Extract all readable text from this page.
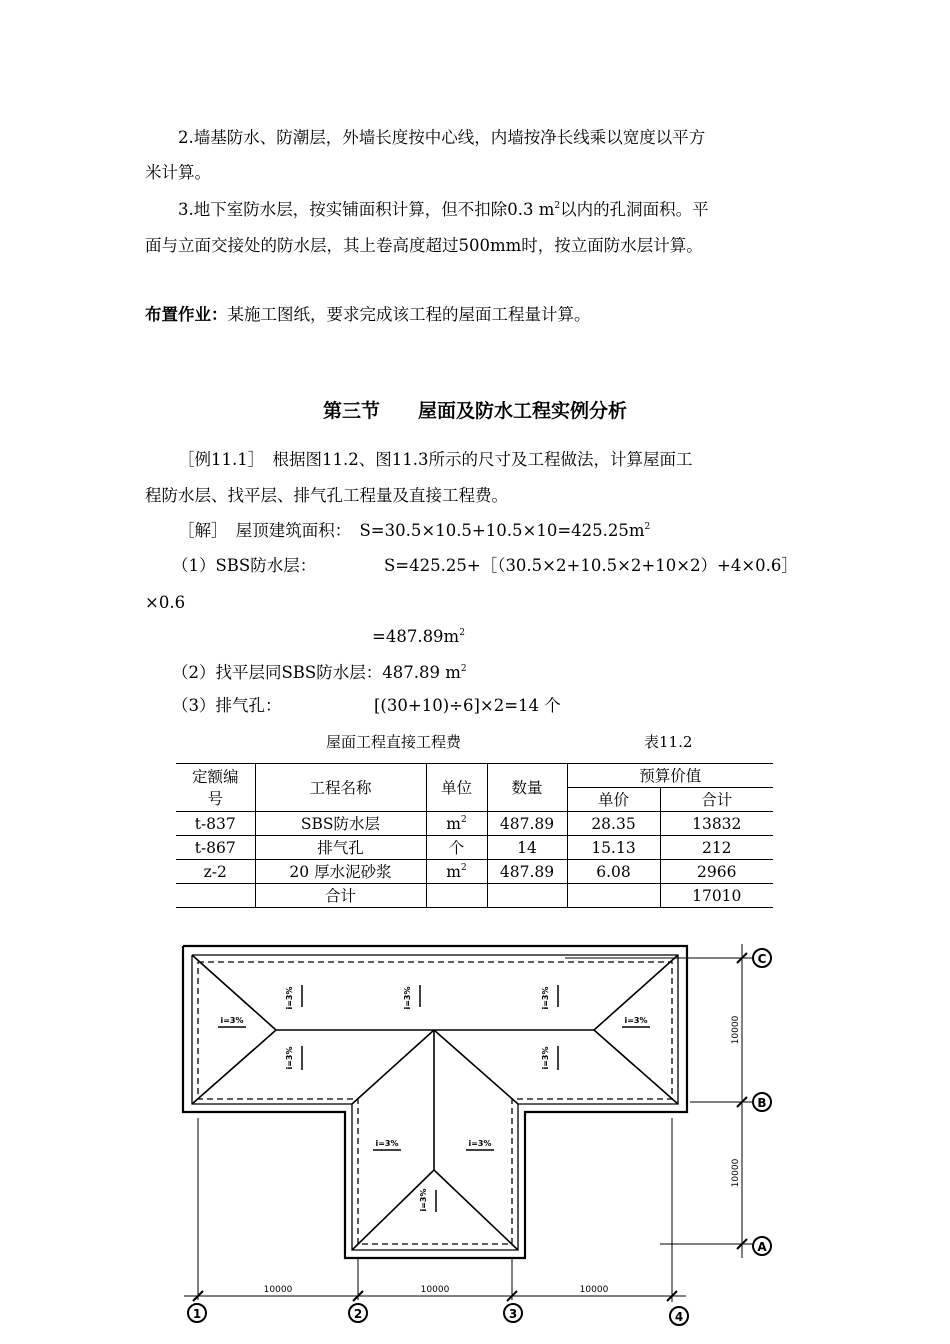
2.墙基防水、防潮层，外墙长度按中心线，内墙按净长线乘以宽度以平方
米计算。
3.地下室防水层，按实铺面积计算，但不扣除0.3 $m^2$以内的孔洞面积。平
面与立面交接处的防水层，其上卷高度超过500mm时，按立面防水层计算。
布置作业：某施工图纸，要求完成该工程的屋面工程量计算。
第三节　　屋面及防水工程实例分析
［例11.1］　根据图11.2、图11.3所示的尺寸及工程做法，计算屋面工
程防水层、找平层、排气孔工程量及直接工程费。
［解］　屋顶建筑面积：　$S=30.5\times 10.5+10.5\times 10=425.25m^2$
（1）SBS防水层：	S=425.25+［（30.5×2+10.5×2+10×2）+4×0.6］
×0.6
$=487.89m^2$
（2）找平层同SBS防水层：487.89 $m^2$
（3）排气孔：	[(30+10)÷6]×2=14 个
屋面工程直接工程费	表11.2
定额编
号	工程名称	单位	数量	预算价值	
				单价	合计
t-837	SBS防水层	$m^2$	487.89	28.35	13832
t-867	排气孔	个	14	15.13	212
z-2	20 厚水泥砂浆	$m^2$	487.89	6.08	2966
	合计				17010
i=3%	i=3%	i=3%
i=3%	i=3%
i=3%
i=3%	i=3%
i=3%	i=3%
10000	10000	10000
10000
10000
1	2	3	4
C
B
A
